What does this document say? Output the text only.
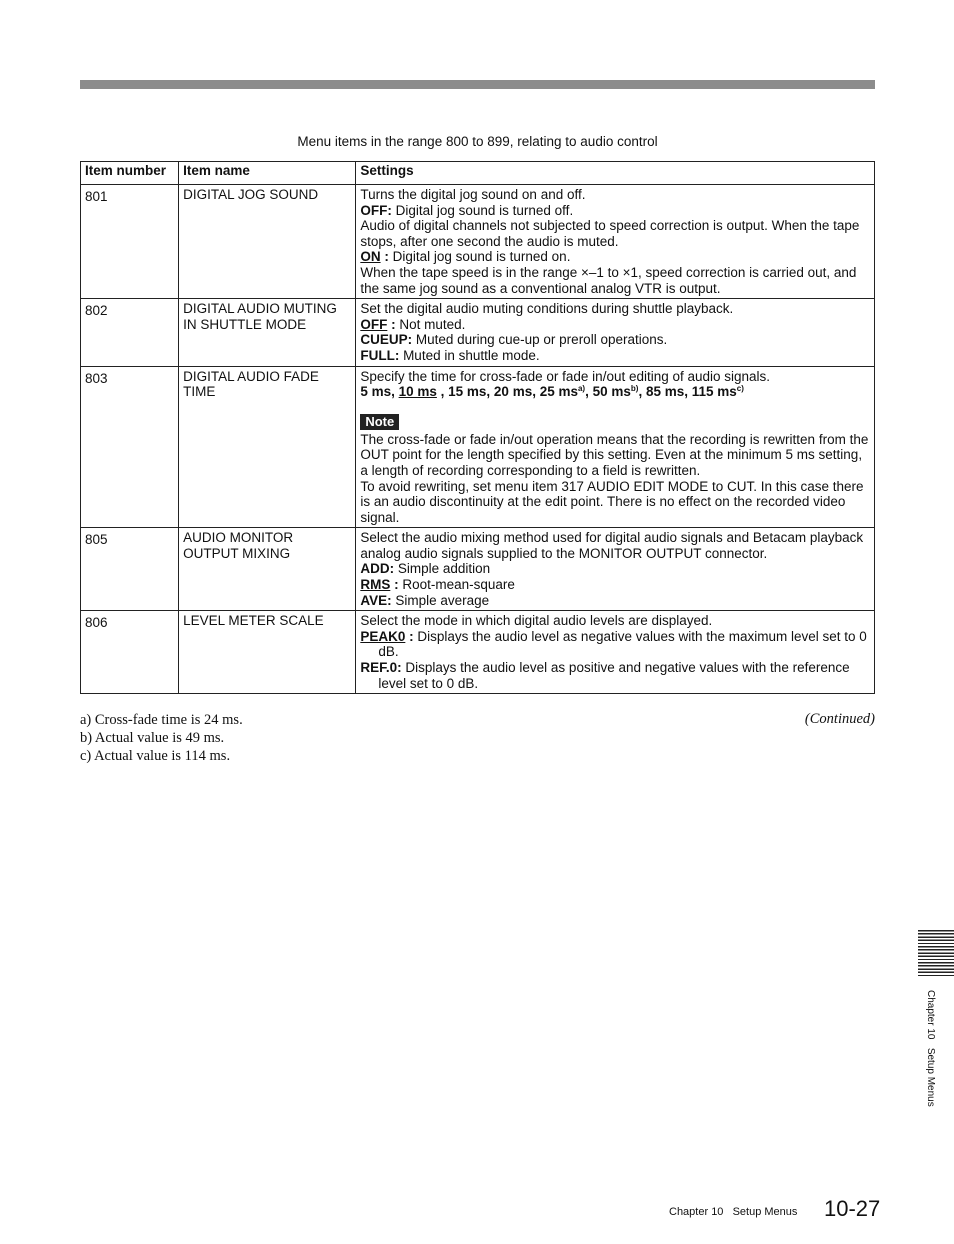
Menu items in the range 800 to 899, relating to audio control
Item number	Item name	Settings
801	DIGITAL JOG SOUND	Turns the digital jog sound on and off.
OFF: Digital jog sound is turned off.
Audio of digital channels not subjected to speed correction is output. When the tape stops, after one second the audio is muted.
ON : Digital jog sound is turned on.
When the tape speed is in the range ×–1 to ×1, speed correction is carried out, and the same jog sound as a conventional analog VTR is output.

802	DIGITAL AUDIO MUTING IN SHUTTLE MODE	Set the digital audio muting conditions during shuttle playback.
OFF : Not muted.
CUEUP: Muted during cue-up or preroll operations.
FULL: Muted in shuttle mode.

803	DIGITAL AUDIO FADE TIME	Specify the time for cross-fade or fade in/out editing of audio signals.
5 ms, 10 ms , 15 ms, 20 ms, 25 $ms^{a)}$, 50 $ms^{b)}$, 85 ms, 115 $ms^{c)}$
Note
The cross-fade or fade in/out operation means that the recording is rewritten from the OUT point for the length specified by this setting. Even at the minimum 5 ms setting, a length of recording corresponding to a field is rewritten.
To avoid rewriting, set menu item 317 AUDIO EDIT MODE to CUT. In this case there is an audio discontinuity at the edit point. There is no effect on the recorded video signal.

805	AUDIO MONITOR OUTPUT MIXING	Select the audio mixing method used for digital audio signals and Betacam playback analog audio signals supplied to the MONITOR OUTPUT connector.
ADD: Simple addition
RMS : Root-mean-square
AVE: Simple average

806	LEVEL METER SCALE	Select the mode in which digital audio levels are displayed.
PEAK0 : Displays the audio level as negative values with the maximum level set to 0 dB.
REF.0: Displays the audio level as positive and negative values with the reference level set to 0 dB.
a) Cross-fade time is 24 ms.
b) Actual value is 49 ms.
c) Actual value is 114 ms.
(Continued)
Chapter 10   Setup Menus
Chapter 10   Setup Menus 10-27
